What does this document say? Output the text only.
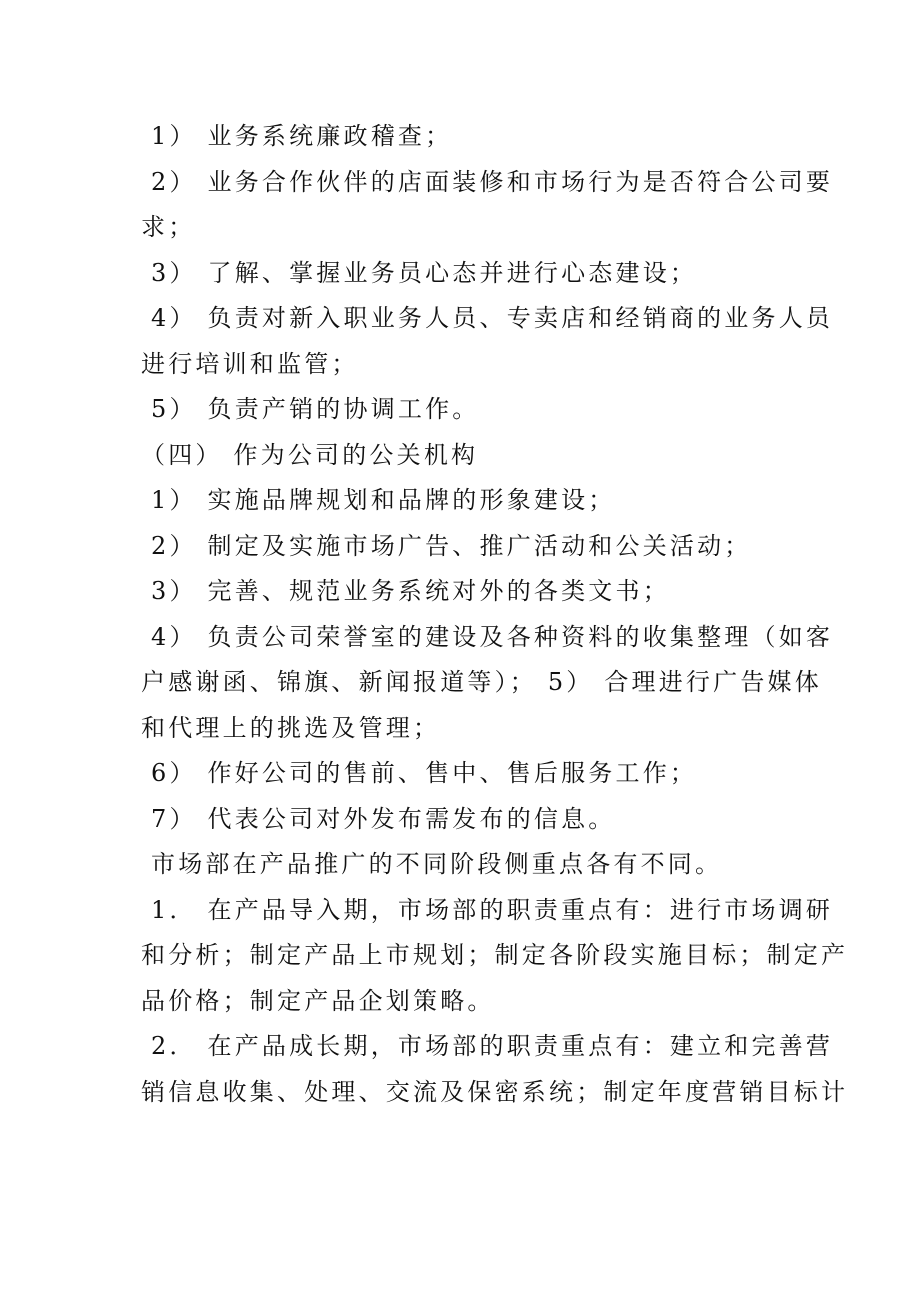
1） 业务系统廉政稽查；
2） 业务合作伙伴的店面装修和市场行为是否符合公司要
求；
3） 了解、掌握业务员心态并进行心态建设；
4） 负责对新入职业务人员、专卖店和经销商的业务人员
进行培训和监管；
5） 负责产销的协调工作。
（四） 作为公司的公关机构
1） 实施品牌规划和品牌的形象建设；
2） 制定及实施市场广告、推广活动和公关活动；
3） 完善、规范业务系统对外的各类文书；
4） 负责公司荣誉室的建设及各种资料的收集整理（如客
户感谢函、锦旗、新闻报道等）； 5） 合理进行广告媒体
和代理上的挑选及管理；
6） 作好公司的售前、售中、售后服务工作；
7） 代表公司对外发布需发布的信息。
市场部在产品推广的不同阶段侧重点各有不同。
1． 在产品导入期，市场部的职责重点有：进行市场调研
和分析；制定产品上市规划；制定各阶段实施目标；制定产
品价格；制定产品企划策略。
2． 在产品成长期，市场部的职责重点有：建立和完善营
销信息收集、处理、交流及保密系统；制定年度营销目标计
